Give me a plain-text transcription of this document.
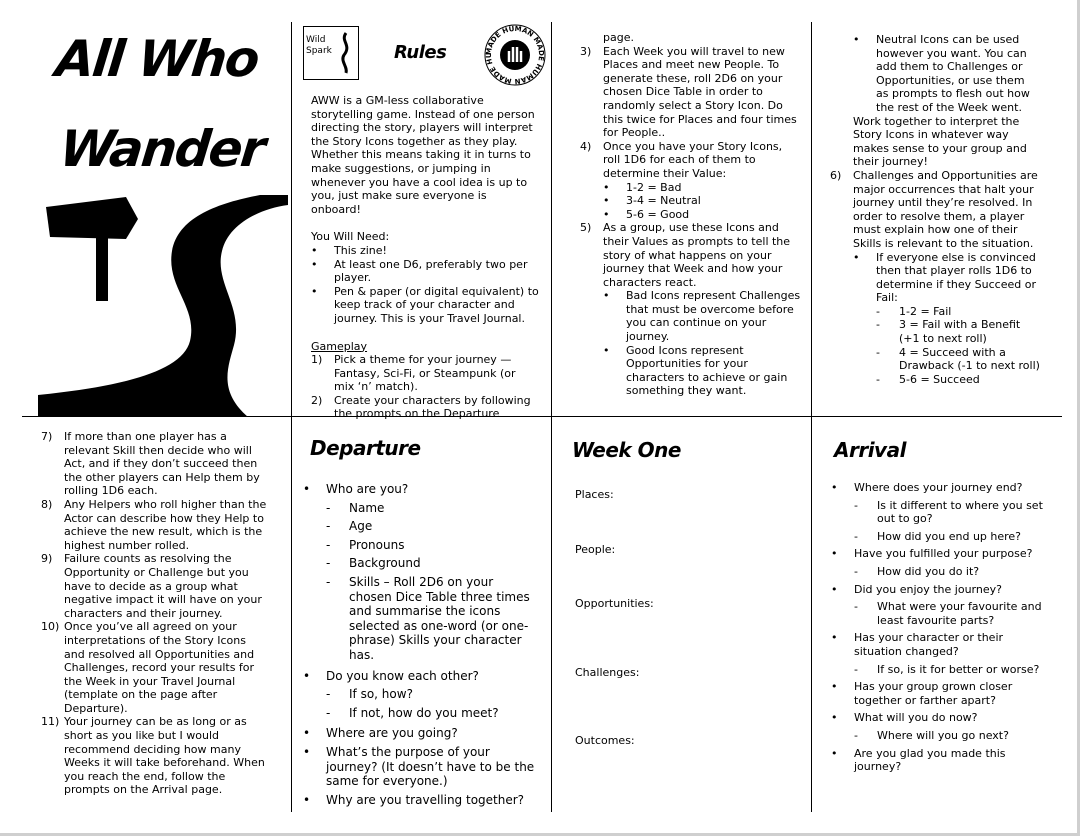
All Who
Wander
Wild
Spark	Rules	MADE HUMAN MADE HUMAN MADE HU
AWW is a GM-less collaborative storytelling game. Instead of one person directing the story, players will interpret the Story Icons together as they play. Whether this means taking it in turns to make suggestions, or jumping in whenever you have a cool idea is up to you, just make sure everyone is onboard!
You Will Need:
• This zine!
• At least one D6, preferably two per player.
• Pen & paper (or digital equivalent) to keep track of your character and journey. This is your Travel Journal.
Gameplay
1) Pick a theme for your journey — Fantasy, Sci-Fi, or Steampunk (or mix ‘n’ match).
2) Create your characters by following the prompts on the Departure
page.
3) Each Week you will travel to new Places and meet new People. To generate these, roll 2D6 on your chosen Dice Table in order to randomly select a Story Icon. Do this twice for Places and four times for People..
4) Once you have your Story Icons, roll 1D6 for each of them to determine their Value:
• 1-2 = Bad
• 3-4 = Neutral
• 5-6 = Good
5) As a group, use these Icons and their Values as prompts to tell the story of what happens on your journey that Week and how your characters react.
• Bad Icons represent Challenges that must be overcome before you can continue on your journey.
• Good Icons represent Opportunities for your characters to achieve or gain something they want.
• Neutral Icons can be used however you want. You can add them to Challenges or Opportunities, or use them as prompts to flesh out how the rest of the Week went.
Work together to interpret the Story Icons in whatever way makes sense to your group and their journey!
6) Challenges and Opportunities are major occurrences that halt your journey until they’re resolved. In order to resolve them, a player must explain how one of their Skills is relevant to the situation.
• If everyone else is convinced then that player rolls 1D6 to determine if they Succeed or Fail:
- 1-2 = Fail
- 3 = Fail with a Benefit (+1 to next roll)
- 4 = Succeed with a Drawback (-1 to next roll)
- 5-6 = Succeed
7) If more than one player has a relevant Skill then decide who will Act, and if they don’t succeed then the other players can Help them by rolling 1D6 each.
8) Any Helpers who roll higher than the Actor can describe how they Help to achieve the new result, which is the highest number rolled.
9) Failure counts as resolving the Opportunity or Challenge but you have to decide as a group what negative impact it will have on your characters and their journey.
10) Once you’ve all agreed on your interpretations of the Story Icons and resolved all Opportunities and Challenges, record your results for the Week in your Travel Journal (template on the page after Departure).
11) Your journey can be as long or as short as you like but I would recommend deciding how many Weeks it will take beforehand. When you reach the end, follow the prompts on the Arrival page.
Departure
• Who are you?
- Name
- Age
- Pronouns
- Background
- Skills – Roll 2D6 on your chosen Dice Table three times and summarise the icons selected as one-word (or one-phrase) Skills your character has.
• Do you know each other?
- If so, how?
- If not, how do you meet?
• Where are you going?
• What’s the purpose of your journey? (It doesn’t have to be the same for everyone.)
• Why are you travelling together?
Week One
Places:
People:
Opportunities:
Challenges:
Outcomes:
Arrival
• Where does your journey end?
- Is it different to where you set out to go?
- How did you end up here?
• Have you fulfilled your purpose?
- How did you do it?
• Did you enjoy the journey?
- What were your favourite and least favourite parts?
• Has your character or their situation changed?
- If so, is it for better or worse?
• Has your group grown closer together or farther apart?
• What will you do now?
- Where will you go next?
• Are you glad you made this journey?
